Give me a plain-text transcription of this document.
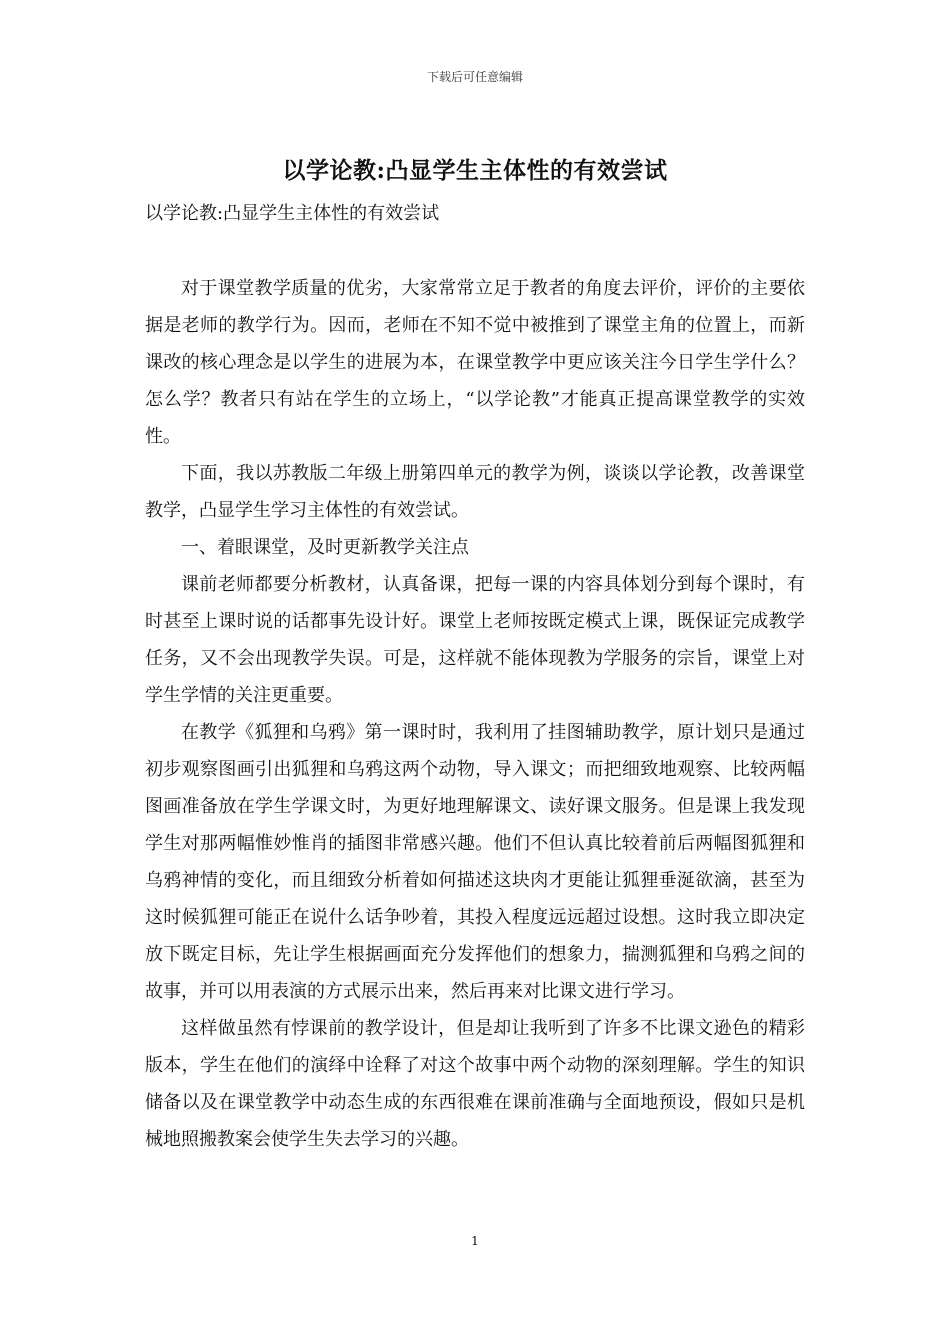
下载后可任意编辑
以学论教:凸显学生主体性的有效尝试
以学论教:凸显学生主体性的有效尝试

对于课堂教学质量的优劣，大家常常立足于教者的角度去评价，评价的主要依据是老师的教学行为。因而，老师在不知不觉中被推到了课堂主角的位置上，而新课改的核心理念是以学生的进展为本，在课堂教学中更应该关注今日学生学什么？怎么学？教者只有站在学生的立场上，“以学论教”才能真正提高课堂教学的实效性。

下面，我以苏教版二年级上册第四单元的教学为例，谈谈以学论教，改善课堂教学，凸显学生学习主体性的有效尝试。

一、着眼课堂，及时更新教学关注点

课前老师都要分析教材，认真备课，把每一课的内容具体划分到每个课时，有时甚至上课时说的话都事先设计好。课堂上老师按既定模式上课，既保证完成教学任务，又不会出现教学失误。可是，这样就不能体现教为学服务的宗旨，课堂上对学生学情的关注更重要。

在教学《狐狸和乌鸦》第一课时时，我利用了挂图辅助教学，原计划只是通过初步观察图画引出狐狸和乌鸦这两个动物，导入课文；而把细致地观察、比较两幅图画准备放在学生学课文时，为更好地理解课文、读好课文服务。但是课上我发现学生对那两幅惟妙惟肖的插图非常感兴趣。他们不但认真比较着前后两幅图狐狸和乌鸦神情的变化，而且细致分析着如何描述这块肉才更能让狐狸垂涎欲滴，甚至为这时候狐狸可能正在说什么话争吵着，其投入程度远远超过设想。这时我立即决定放下既定目标，先让学生根据画面充分发挥他们的想象力，揣测狐狸和乌鸦之间的故事，并可以用表演的方式展示出来，然后再来对比课文进行学习。

这样做虽然有悖课前的教学设计，但是却让我听到了许多不比课文逊色的精彩版本，学生在他们的演绎中诠释了对这个故事中两个动物的深刻理解。学生的知识储备以及在课堂教学中动态生成的东西很难在课前准确与全面地预设，假如只是机械地照搬教案会使学生失去学习的兴趣。

1
